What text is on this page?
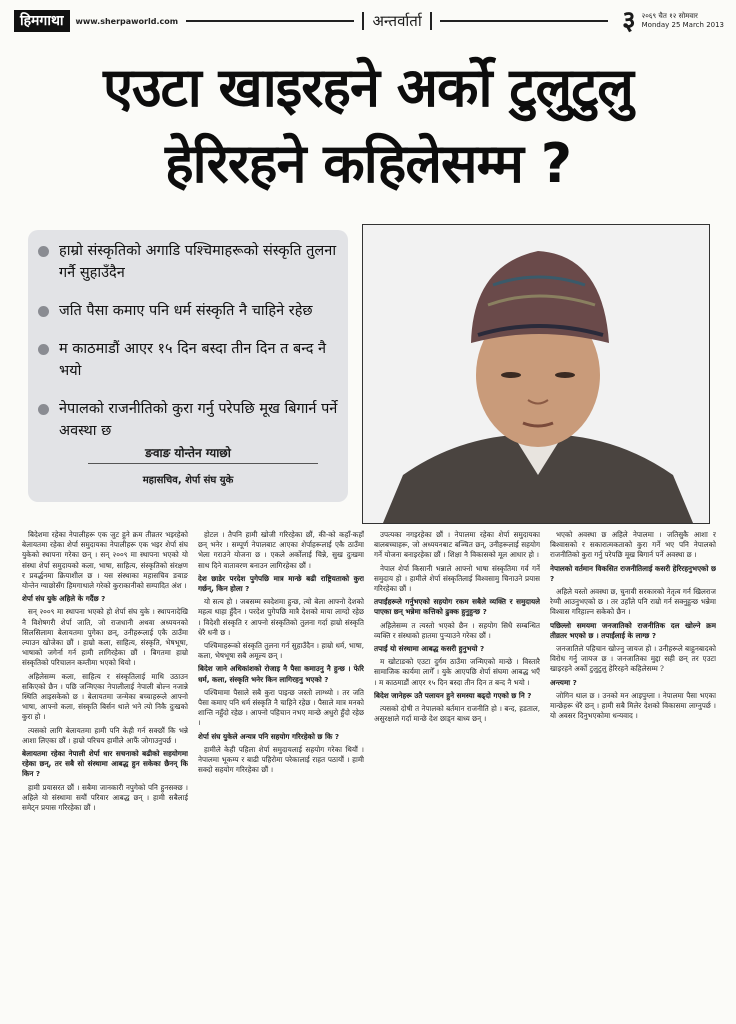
हिमगाथा	www.sherpaworld.com	अन्तर्वार्ता	३ २०६९ चैत १२ सोमवार
Monday 25 March 2013
एउटा खाइरहने अर्को टुलुटुलु
हेरिरहने कहिलेसम्म ?
हाम्रो संस्कृतिको अगाडि पश्चिमाहरूको संस्कृति तुलना गर्नै सुहाउँदैन
जति पैसा कमाए पनि धर्म संस्कृति नै चाहिने रहेछ
म काठमाडौं आएर १५ दिन बस्दा तीन दिन त बन्द नै भयो
नेपालको राजनीतिको कुरा गर्नु परेपछि मूख बिगार्न पर्ने अवस्था छ
ङवाङ योन्तेन ग्याछो
महासचिव, शेर्पा संघ युके

बिदेशमा रहेका नेपालीहरू एक जुट हुने क्रम तीव्रतर भइरहेको बेलायतमा रहेका शेर्पा समुदायका नेपालीहरू एक भइर शेर्पा संघ युकेको स्थापना गरेका छन् । सन् २००९ मा स्थापना भएको यो संस्था शेर्पा समुदायको कला, भाषा, साहित्य, संस्कृतिको संरक्षण र प्रवर्द्धनमा क्रियाशील छ । यस संस्थाका महासचिव ङवाङ योन्तेन ग्याछोसँग हिमगाथाले गरेको कुराकानीको सम्पादित अंश ।

शेर्पा संघ युके अहिले के गर्दैछ ?

सन् २००९ मा स्थापना भएको हो शेर्पा संघ युके । स्थापनादेखि नै विशेषगरी शेर्पा जाति, जो राजधानी अथवा अध्ययनको सिलसिलामा बेलायतमा पुगेका छन्, उनीहरूलाई एकै ठाउँमा ल्याउन खोजेका छौं । हाम्रो कला, साहित्य, संस्कृति, भेषभूषा, भाषाको जगेर्ना गर्न हामी लागिरहेका छौं । बिगतमा हाम्रो संस्कृतिको परिचालन कम्तीमा भएको थियो ।

अहिलेसम्म कला, साहित्य र संस्कृतिलाई माथि उठाउन सकिएको छैन । पछि जन्मिएका नेपालीलाई नेपाली बोल्न नजान्ने स्थिति आइसकेको छ । बेलायतमा जन्मेका बच्चाहरूले आफ्नो भाषा, आफ्नो कला, संस्कृति बिर्सन थाले भने त्यो निकै दुःखको कुरा हो ।

त्यसको लागि बेलायतमा हामी पनि केही गर्न सक्छौं कि भन्ने आशा लिएका छौं । हाम्रो परिचय हामीले आफैं जोगाउनुपर्छ ।

बेलायतमा रहेका नेपाली शेर्पा धार सचनाको बढीको सहयोगमा रहेका छन्, तर सबै सो संस्थामा आबद्ध हुन सकेका छैनन् कि किन ?

हामी प्रयासरत छौं । सबैमा जानकारी नपुगेको पनि हुनसक्छ । अहिले यो संस्थामा सयौं परिवार आबद्ध छन् । हामी सबैलाई समेट्न प्रयास गरिरहेका छौं ।

होटल । तैपनि हामी खोजी गरिरहेका छौं, की-को कहाँ-कहाँ छन् भनेर । सम्पूर्ण नेपालबाट आएका शेर्पाहरूलाई एकै ठाउँमा भेला गराउने योजना छ । एकले अर्कोलाई चिन्ने, सुख दुःखमा साथ दिने वातावरण बनाउन लागिरहेका छौं ।

देश छाडेर परदेश पुगेपछि मात्र मान्छे बढी राष्ट्रियताको कुरा गर्छन्, किन होला ?

यो सत्य हो । जबसम्म स्वदेशमा हुन्छ, त्यो बेला आफ्नो देशको महत्व थाहा हुँदैन । परदेश पुगेपछि मात्रै देशको माया लाग्दो रहेछ । विदेशी संस्कृति र आफ्नो संस्कृतिको तुलना गर्दा हाम्रो संस्कृति धेरै धनी छ ।

पश्चिमाहरूको संस्कृति तुलना गर्न सुहाउँदैन । हाम्रो धर्म, भाषा, कला, भेषभूषा सबै अमूल्य छन् ।

बिदेश जाने अधिकांशको रोजाइ नै पैसा कमाउनु नै हुन्छ । फेरि धर्म, कला, संस्कृति भनेर किन लागिरहनु भएको ?

पश्चिमामा पैसाले सबै कुरा पाइन्छ जस्तो लाग्थ्यो । तर जति पैसा कमाए पनि धर्म संस्कृति नै चाहिने रहेछ । पैसाले मात्र मनको शान्ति नहुँदो रहेछ । आफ्नो पहिचान नभए मान्छे अधुरो हुँदो रहेछ ।

शेर्पा संघ युकेले अन्यत्र पनि सहयोग गरिरहेको छ कि ?

हामीले केही पहिला शेर्पा समुदायलाई सहयोग गरेका थियौं । नेपालमा भूकम्प र बाढी पहिरोमा परेकालाई राहत पठायौं । हामी सक्दो सहयोग गरिरहेका छौं ।

उपत्यका नगइरहेका छौं । नेपालमा रहेका शेर्पा समुदायका बालबच्चाहरू, जो अध्ययनबाट बञ्चित छन्, उनीहरूलाई सहयोग गर्ने योजना बनाइरहेका छौं । शिक्षा नै विकासको मूल आधार हो ।

नेपाल शेर्पा किसानी भन्नाले आफ्नो भाषा संस्कृतिमा गर्व गर्ने समुदाय हो । हामीले शेर्पा संस्कृतिलाई विश्वसामु चिनाउने प्रयास गरिरहेका छौं ।

तपाईंहरूले गर्नुभएको सहयोग रकम सबैले व्यक्ति र समुदायले पाएका छन् भन्नेमा कत्तिको ढुक्क हुनुहुन्छ ?

अहिलेसम्म त त्यस्तो भएको छैन । सहयोग सिधै सम्बन्धित व्यक्ति र संस्थाको हातमा पुर्‍याउने गरेका छौं ।

तपाईं यो संस्थामा आबद्ध कसरी हुनुभयो ?

म खोटाङको एउटा दुर्गम ठाउँमा जन्मिएको मान्छे । विस्तारै सामाजिक कार्यमा लागेँ । युके आएपछि शेर्पा संघमा आबद्ध भएँ । म काठमाडौं आएर १५ दिन बस्दा तीन दिन त बन्द नै भयो ।

बिदेश जानेहरू उतै पलायन हुने समस्या बढ्दो गएको छ नि ?

त्यसको दोषी त नेपालको बर्तमान राजनीति हो । बन्द, हडताल, असुरक्षाले गर्दा मान्छे देश छाड्न बाध्य छन् ।

भएको अवस्था छ अहिले नेपालमा । जतिसुकै आशा र बिश्वासको र सकारात्मकताको कुरा गर्ने भए पनि नेपालको राजनीतिको कुरा गर्नु परेपछि मूख बिगार्न पर्ने अवस्था छ ।

नेपालको वर्तमान विकसित राजनीतिलाई कसरी हेरिरहनुभएको छ ?

अहिले यस्तो अवस्था छ, चुनावी सरकारको नेतृत्व गर्न खिलराज रेग्मी आउनुभएको छ । तर उहाँले पनि राम्रो गर्न सक्नुहुन्छ भन्नेमा विश्वास गरिहाल्न सकेको छैन ।

पछिल्लो समयमा जनजातिको राजनीतिक दल खोल्ने क्रम तीव्रतर भएको छ । तपाईंलाई के लाग्छ ?

जनजातिले पहिचान खोज्नु जायज हो । उनीहरूले बाहुनबादको विरोध गर्नु जायज छ । जनजातिका मुद्दा सही छन् तर एउटा खाइरहने अर्को टुलुटुलु हेरिरहने कहिलेसम्म ?

अन्त्यमा ?

जोगिन थाल छ । उनको मन आइपुग्ला । नेपालमा पैसा भएका मान्छेहरू धेरै छन् । हामी सबै मिलेर देशको विकासमा लाग्नुपर्छ । यो अवसर दिनुभएकोमा धन्यवाद ।
